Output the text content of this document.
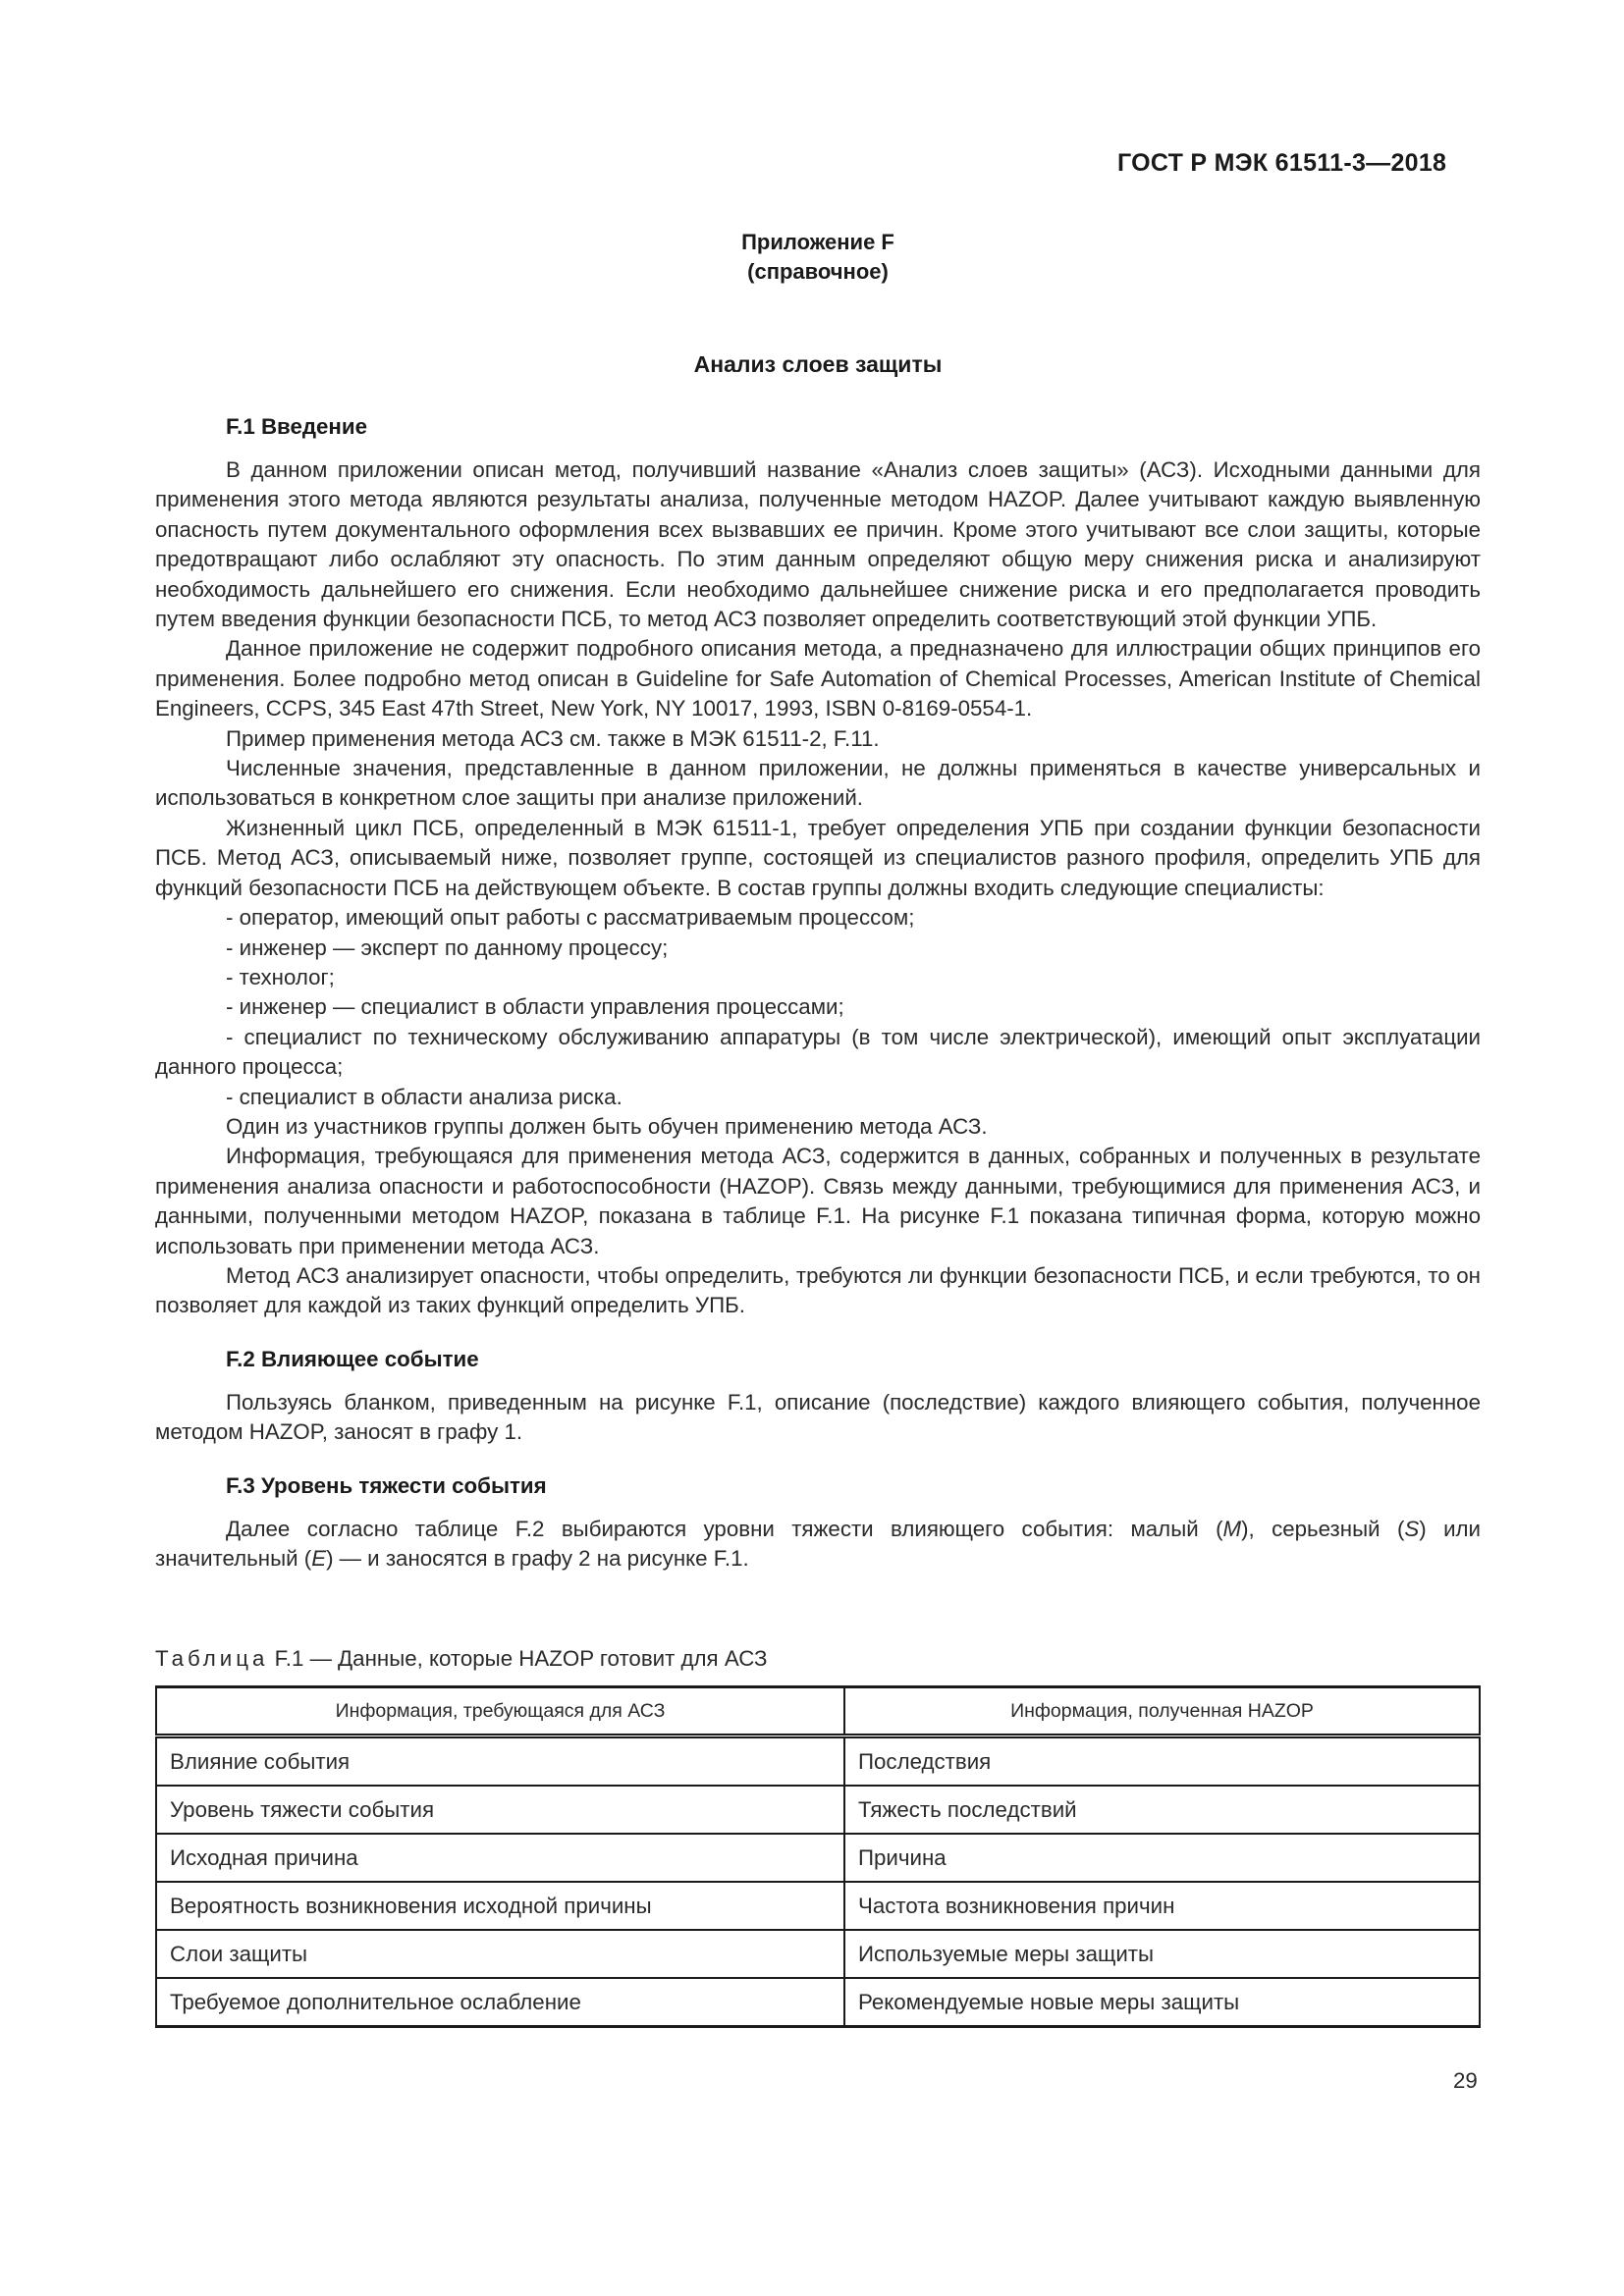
ГОСТ Р МЭК 61511-3—2018
Приложение F
(справочное)
Анализ слоев защиты
F.1 Введение

В данном приложении описан метод, получивший название «Анализ слоев защиты» (АСЗ). Исходными данными для применения этого метода являются результаты анализа, полученные методом HAZOP. Далее учитывают каждую выявленную опасность путем документального оформления всех вызвавших ее причин. Кроме этого учитывают все слои защиты, которые предотвращают либо ослабляют эту опасность. По этим данным определяют общую меру снижения риска и анализируют необходимость дальнейшего его снижения. Если необходимо дальнейшее снижение риска и его предполагается проводить путем введения функции безопасности ПСБ, то метод АСЗ позволяет определить соответствующий этой функции УПБ.

Данное приложение не содержит подробного описания метода, а предназначено для иллюстрации общих принципов его применения. Более подробно метод описан в Guideline for Safe Automation of Chemical Processes, American Institute of Chemical Engineers, CCPS, 345 East 47th Street, New York, NY 10017, 1993, ISBN 0-8169-0554-1.

Пример применения метода АСЗ см. также в МЭК 61511-2, F.11.

Численные значения, представленные в данном приложении, не должны применяться в качестве универсальных и использоваться в конкретном слое защиты при анализе приложений.

Жизненный цикл ПСБ, определенный в МЭК 61511-1, требует определения УПБ при создании функции безопасности ПСБ. Метод АСЗ, описываемый ниже, позволяет группе, состоящей из специалистов разного профиля, определить УПБ для функций безопасности ПСБ на действующем объекте. В состав группы должны входить следующие специалисты:

- оператор, имеющий опыт работы с рассматриваемым процессом;

- инженер — эксперт по данному процессу;

- технолог;

- инженер — специалист в области управления процессами;

- специалист по техническому обслуживанию аппаратуры (в том числе электрической), имеющий опыт эксплуатации данного процесса;

- специалист в области анализа риска.

Один из участников группы должен быть обучен применению метода АСЗ.

Информация, требующаяся для применения метода АСЗ, содержится в данных, собранных и полученных в результате применения анализа опасности и работоспособности (HAZOP). Связь между данными, требующимися для применения АСЗ, и данными, полученными методом HAZOP, показана в таблице F.1. На рисунке F.1 показана типичная форма, которую можно использовать при применении метода АСЗ.

Метод АСЗ анализирует опасности, чтобы определить, требуются ли функции безопасности ПСБ, и если требуются, то он позволяет для каждой из таких функций определить УПБ.

F.2 Влияющее событие

Пользуясь бланком, приведенным на рисунке F.1, описание (последствие) каждого влияющего события, полученное методом HAZOP, заносят в графу 1.

F.3 Уровень тяжести события

Далее согласно таблице F.2 выбираются уровни тяжести влияющего события: малый (M), серьезный (S) или значительный (E) — и заносятся в графу 2 на рисунке F.1.

Таблица F.1 — Данные, которые HAZOP готовит для АСЗ
Информация, требующаяся для АСЗ	Информация, полученная HAZOP
Влияние события	Последствия
Уровень тяжести события	Тяжесть последствий
Исходная причина	Причина
Вероятность возникновения исходной причины	Частота возникновения причин
Слои защиты	Используемые меры защиты
Требуемое дополнительное ослабление	Рекомендуемые новые меры защиты
29
